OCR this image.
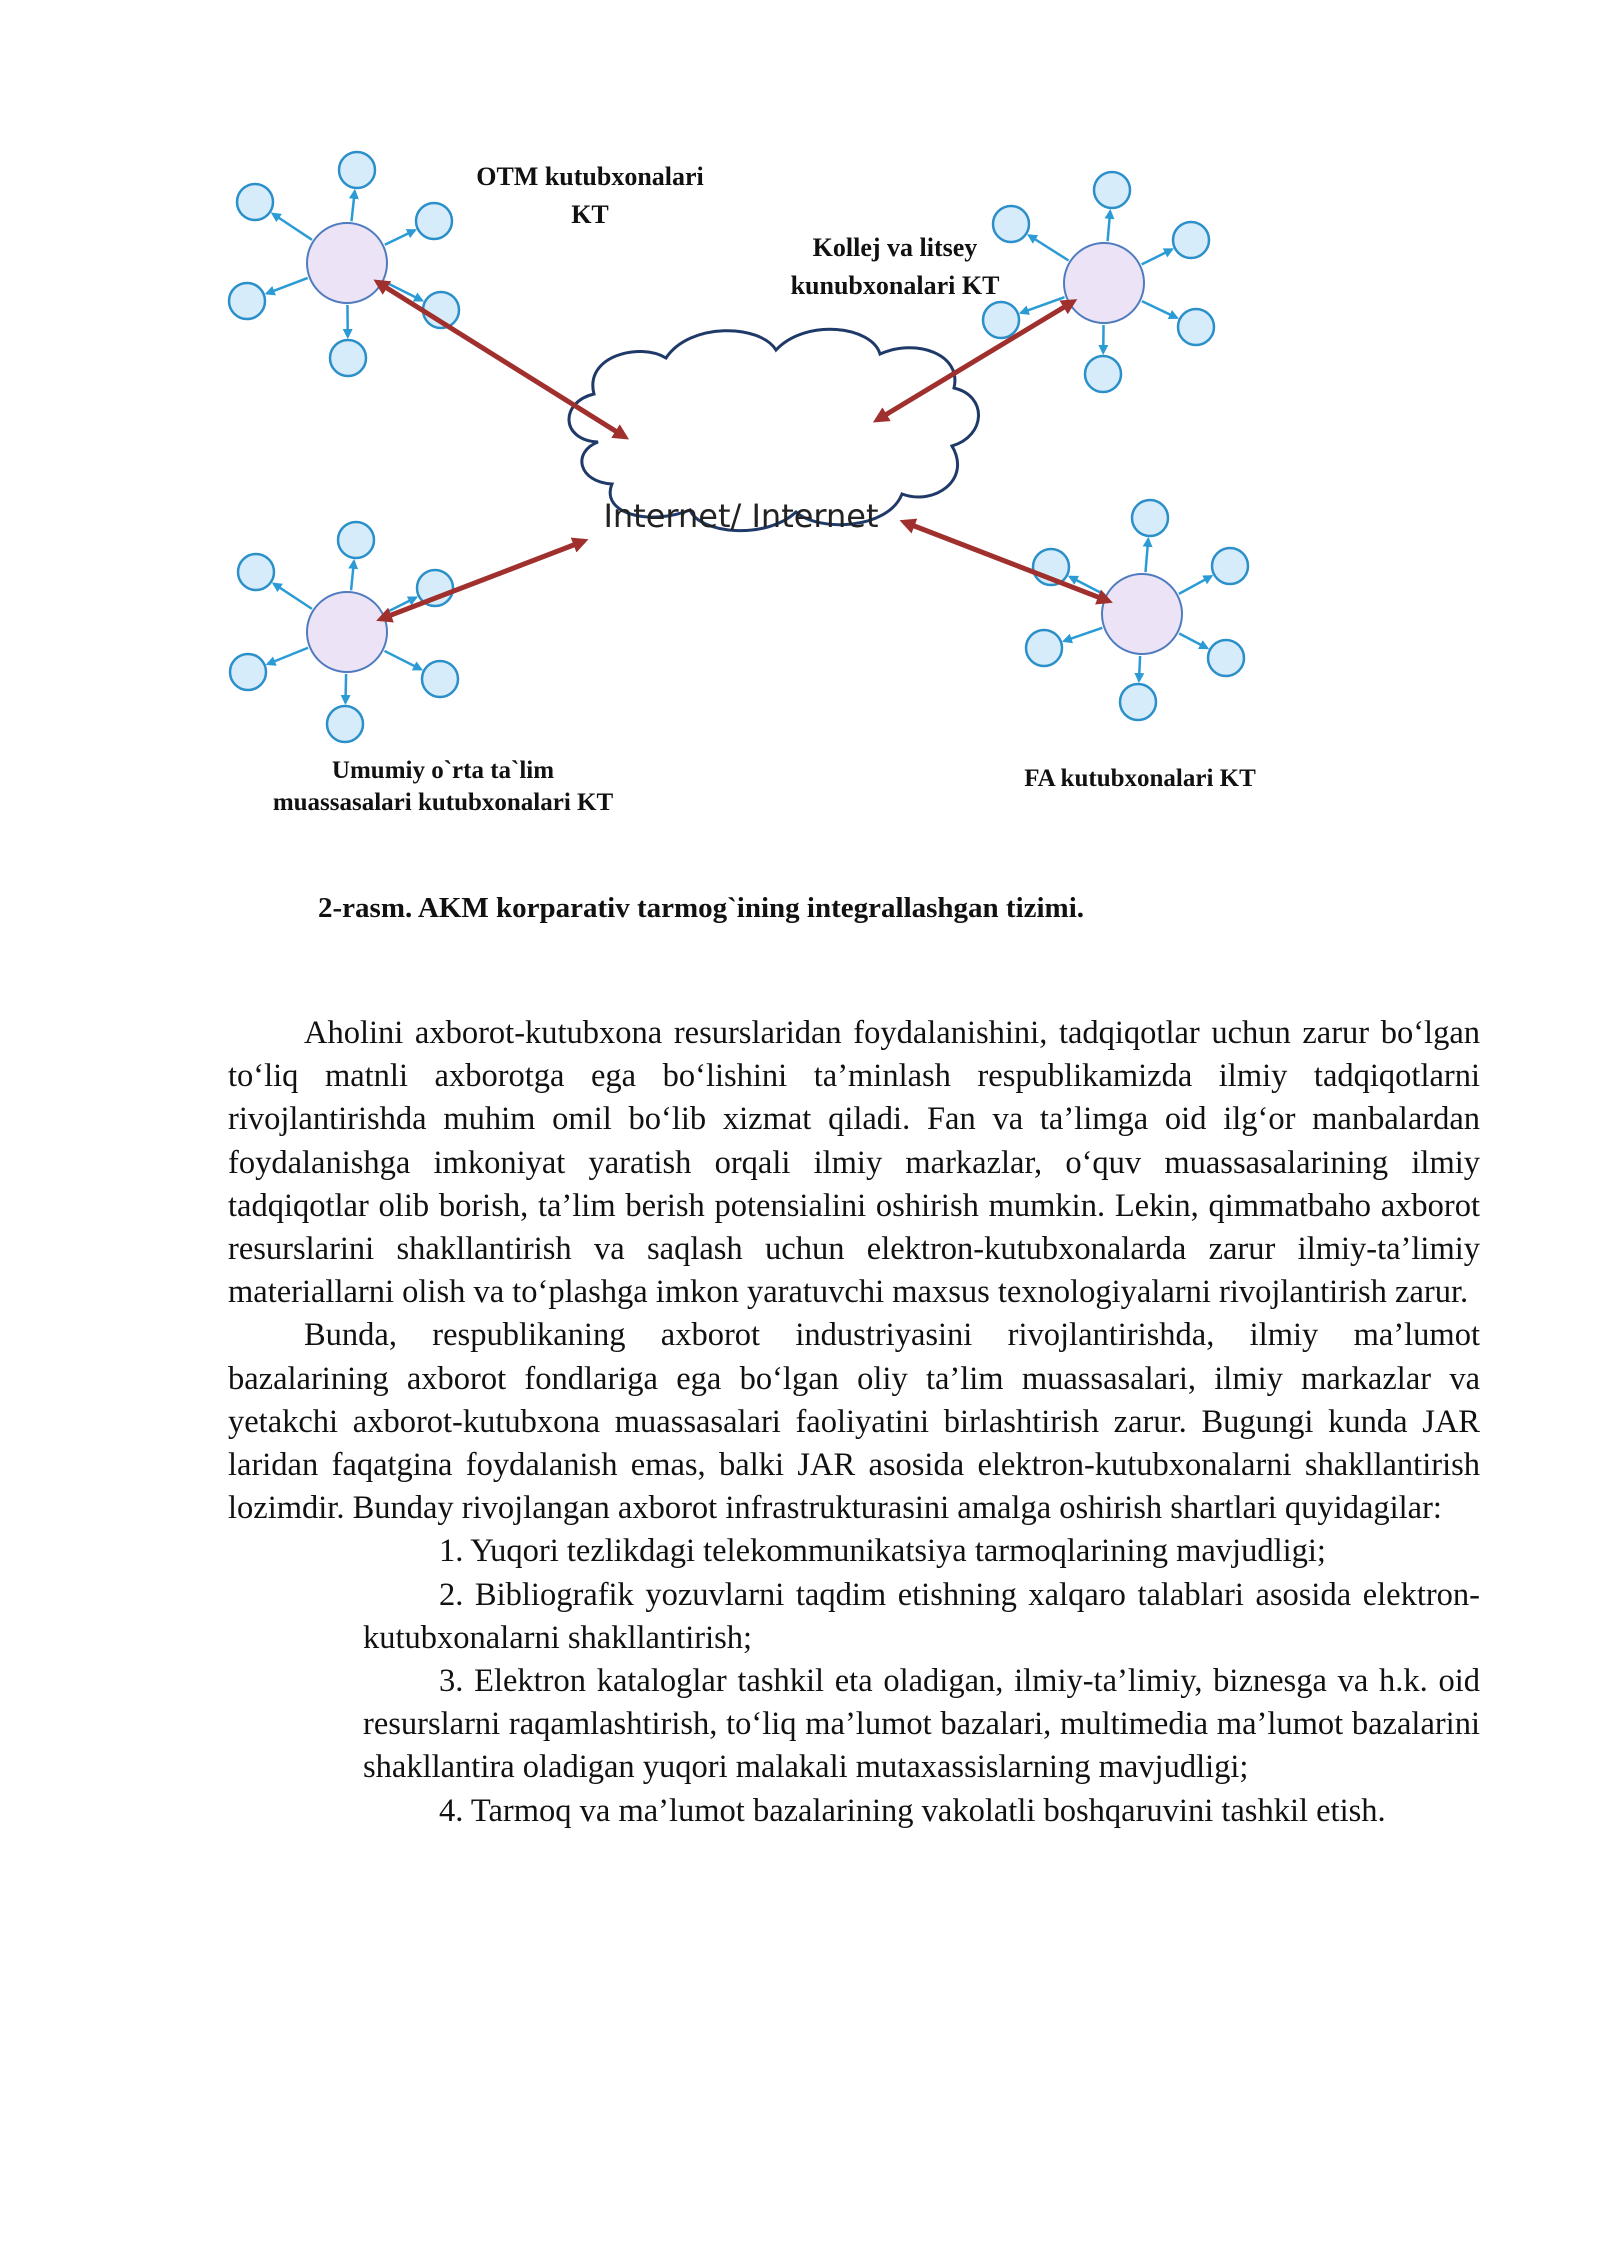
Internet/ Internet
OTM kutubxonalari
KT
Kollej va litsey
kunubxonalari KT
Umumiy o`rta ta`lim
muassasalari kutubxonalari KT
FA kutubxonalari KT
2-rasm. AKM korparativ tarmog`ining integrallashgan tizimi.

Aholini axborot-kutubxona resurslaridan foydalanishini, tadqiqotlar uchun zarur bo‘lgan to‘liq matnli axborotga ega bo‘lishini ta’minlash respublikamizda ilmiy tadqiqotlarni rivojlantirishda muhim omil bo‘lib xizmat qiladi. Fan va ta’limga oid ilg‘or manbalardan foydalanishga imkoniyat yaratish orqali ilmiy markazlar, o‘quv muassasalarining ilmiy tadqiqotlar olib borish, ta’lim berish potensialini oshirish mumkin. Lekin, qimmatbaho axborot resurslarini shakllantirish va saqlash uchun elektron-kutubxonalarda zarur ilmiy-ta’limiy materiallarni olish va to‘plashga imkon yaratuvchi maxsus texnologiyalarni rivojlantirish zarur.

Bunda, respublikaning axborot industriyasini rivojlantirishda, ilmiy ma’lumot bazalarining axborot fondlariga ega bo‘lgan oliy ta’lim muassasalari, ilmiy markazlar va yetakchi axborot-kutubxona muassasalari faoliyatini birlashtirish zarur. Bugungi kunda JAR laridan faqatgina foydalanish emas, balki JAR asosida elektron-kutubxonalarni shakllantirish lozimdir. Bunday rivojlangan axborot infrastrukturasini amalga oshirish shartlari quyidagilar:

1. Yuqori tezlikdagi telekommunikatsiya tarmoqlarining mavjudligi;
2. Bibliografik yozuvlarni taqdim etishning xalqaro talablari asosida elektron-kutubxonalarni shakllantirish;
3. Elektron kataloglar tashkil eta oladigan, ilmiy-ta’limiy, biznesga va h.k. oid resurslarni raqamlashtirish, to‘liq ma’lumot bazalari, multimedia ma’lumot bazalarini shakllantira oladigan yuqori malakali mutaxassislarning mavjudligi;
4. Tarmoq va ma’lumot bazalarining vakolatli boshqaruvini tashkil etish.
